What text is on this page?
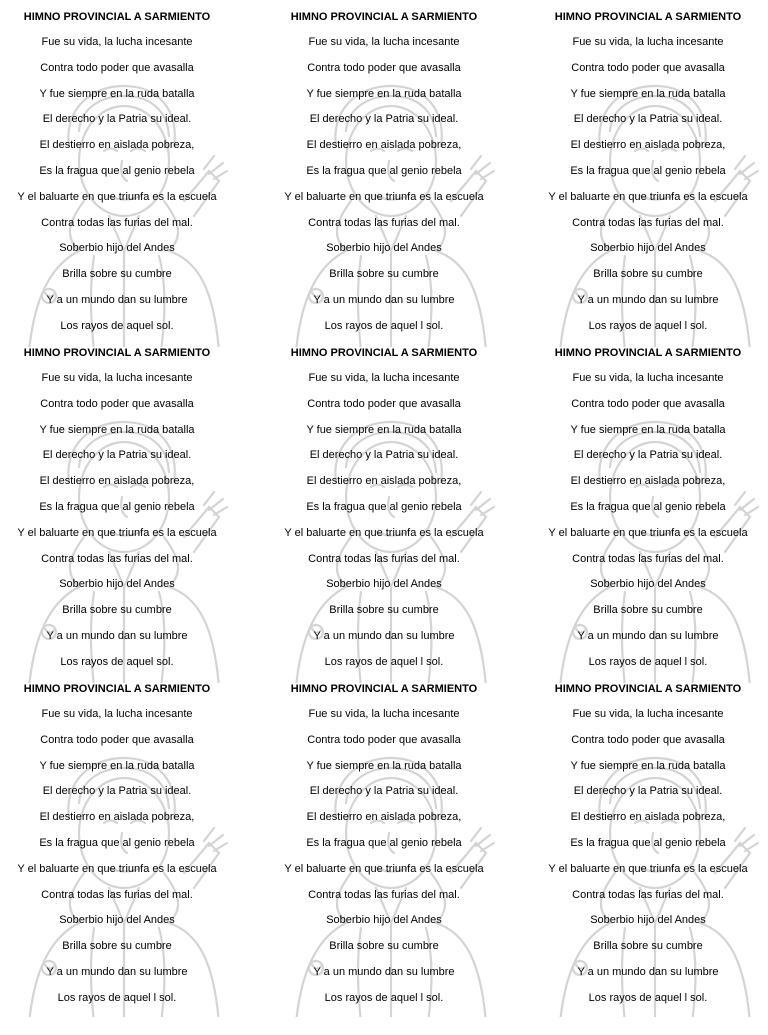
HIMNO PROVINCIAL A SARMIENTO
Fue su vida, la lucha incesante
Contra todo poder que avasalla
Y fue siempre en la ruda batalla
El derecho y la Patria su ideal.
El destierro en aislada pobreza,
Es la fragua que al genio rebela
Y el baluarte en que triunfa es la escuela
Contra todas las furias del mal.
Soberbio hijo del Andes
Brilla sobre su cumbre
Y a un mundo dan su lumbre
Los rayos de aquel sol.
HIMNO PROVINCIAL A SARMIENTO
Fue su vida, la lucha incesante
Contra todo poder que avasalla
Y fue siempre en la ruda batalla
El derecho y la Patria su ideal.
El destierro en aislada pobreza,
Es la fragua que al genio rebela
Y el baluarte en que triunfa es la escuela
Contra todas las furias del mal.
Soberbio hijo del Andes
Brilla sobre su cumbre
Y a un mundo dan su lumbre
Los rayos de aquel l sol.
HIMNO PROVINCIAL A SARMIENTO
Fue su vida, la lucha incesante
Contra todo poder que avasalla
Y fue siempre en la ruda batalla
El derecho y la Patria su ideal.
El destierro en aislada pobreza,
Es la fragua que al genio rebela
Y el baluarte en que triunfa es la escuela
Contra todas las furias del mal.
Soberbio hijo del Andes
Brilla sobre su cumbre
Y a un mundo dan su lumbre
Los rayos de aquel l sol.
HIMNO PROVINCIAL A SARMIENTO
Fue su vida, la lucha incesante
Contra todo poder que avasalla
Y fue siempre en la ruda batalla
El derecho y la Patria su ideal.
El destierro en aislada pobreza,
Es la fragua que al genio rebela
Y el baluarte en que triunfa es la escuela
Contra todas las furias del mal.
Soberbio hijo del Andes
Brilla sobre su cumbre
Y a un mundo dan su lumbre
Los rayos de aquel sol.
HIMNO PROVINCIAL A SARMIENTO
Fue su vida, la lucha incesante
Contra todo poder que avasalla
Y fue siempre en la ruda batalla
El derecho y la Patria su ideal.
El destierro en aislada pobreza,
Es la fragua que al genio rebela
Y el baluarte en que triunfa es la escuela
Contra todas las furias del mal.
Soberbio hijo del Andes
Brilla sobre su cumbre
Y a un mundo dan su lumbre
Los rayos de aquel l sol.
HIMNO PROVINCIAL A SARMIENTO
Fue su vida, la lucha incesante
Contra todo poder que avasalla
Y fue siempre en la ruda batalla
El derecho y la Patria su ideal.
El destierro en aislada pobreza,
Es la fragua que al genio rebela
Y el baluarte en que triunfa es la escuela
Contra todas las furias del mal.
Soberbio hijo del Andes
Brilla sobre su cumbre
Y a un mundo dan su lumbre
Los rayos de aquel l sol.
HIMNO PROVINCIAL A SARMIENTO
Fue su vida, la lucha incesante
Contra todo poder que avasalla
Y fue siempre en la ruda batalla
El derecho y la Patria su ideal.
El destierro en aislada pobreza,
Es la fragua que al genio rebela
Y el baluarte en que triunfa es la escuela
Contra todas las furias del mal.
Soberbio hijo del Andes
Brilla sobre su cumbre
Y a un mundo dan su lumbre
Los rayos de aquel l sol.
HIMNO PROVINCIAL A SARMIENTO
Fue su vida, la lucha incesante
Contra todo poder que avasalla
Y fue siempre en la ruda batalla
El derecho y la Patria su ideal.
El destierro en aislada pobreza,
Es la fragua que al genio rebela
Y el baluarte en que triunfa es la escuela
Contra todas las furias del mal.
Soberbio hijo del Andes
Brilla sobre su cumbre
Y a un mundo dan su lumbre
Los rayos de aquel l sol.
HIMNO PROVINCIAL A SARMIENTO
Fue su vida, la lucha incesante
Contra todo poder que avasalla
Y fue siempre en la ruda batalla
El derecho y la Patria su ideal.
El destierro en aislada pobreza,
Es la fragua que al genio rebela
Y el baluarte en que triunfa es la escuela
Contra todas las furias del mal.
Soberbio hijo del Andes
Brilla sobre su cumbre
Y a un mundo dan su lumbre
Los rayos de aquel l sol.
